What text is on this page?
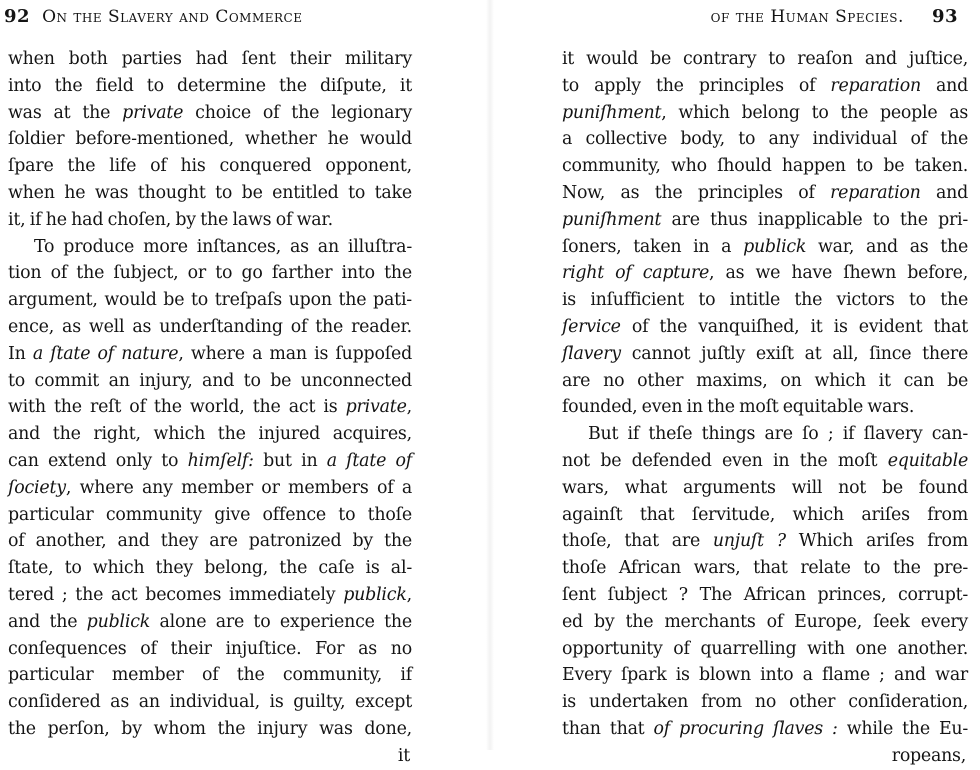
92 On the Slavery and Commerce
when both parties had ſent their military
into the field to determine the diſpute, it
was at the private choice of the legionary
ſoldier before-mentioned, whether he would
ſpare the life of his conquered opponent,
when he was thought to be entitled to take
it, if he had choſen, by the laws of war.
To produce more inſtances, as an illuſtra-
tion of the ſubject, or to go farther into the
argument, would be to treſpaſs upon the pati-
ence, as well as underſtanding of the reader.
In a ſtate of nature, where a man is ſuppoſed
to commit an injury, and to be unconnected
with the reſt of the world, the act is private,
and the right, which the injured acquires,
can extend only to himſelf: but in a ſtate of
ſociety, where any member or members of a
particular community give offence to thoſe
of another, and they are patronized by the
ſtate, to which they belong, the caſe is al-
tered ; the act becomes immediately publick,
and the publick alone are to experience the
conſequences of their injuſtice. For as no
particular member of the community, if
conſidered as an individual, is guilty, except
the perſon, by whom the injury was done,
it
of the Human Species. 93
it would be contrary to reaſon and juſtice,
to apply the principles of reparation and
puniſhment, which belong to the people as
a collective body, to any individual of the
community, who ſhould happen to be taken.
Now, as the principles of reparation and
puniſhment are thus inapplicable to the pri-
ſoners, taken in a publick war, and as the
right of capture, as we have ſhewn before,
is inſufficient to intitle the victors to the
ſervice of the vanquiſhed, it is evident that
ſlavery cannot juſtly exiſt at all, ſince there
are no other maxims, on which it can be
founded, even in the moſt equitable wars.
But if theſe things are ſo ; if ſlavery can-
not be defended even in the moſt equitable
wars, what arguments will not be found
againſt that ſervitude, which ariſes from
thoſe, that are unjuſt ? Which ariſes from
thoſe African wars, that relate to the pre-
ſent ſubject ? The African princes, corrupt-
ed by the merchants of Europe, ſeek every
opportunity of quarrelling with one another.
Every ſpark is blown into a flame ; and war
is undertaken from no other conſideration,
than that of procuring ſlaves : while the Eu-
ropeans,
